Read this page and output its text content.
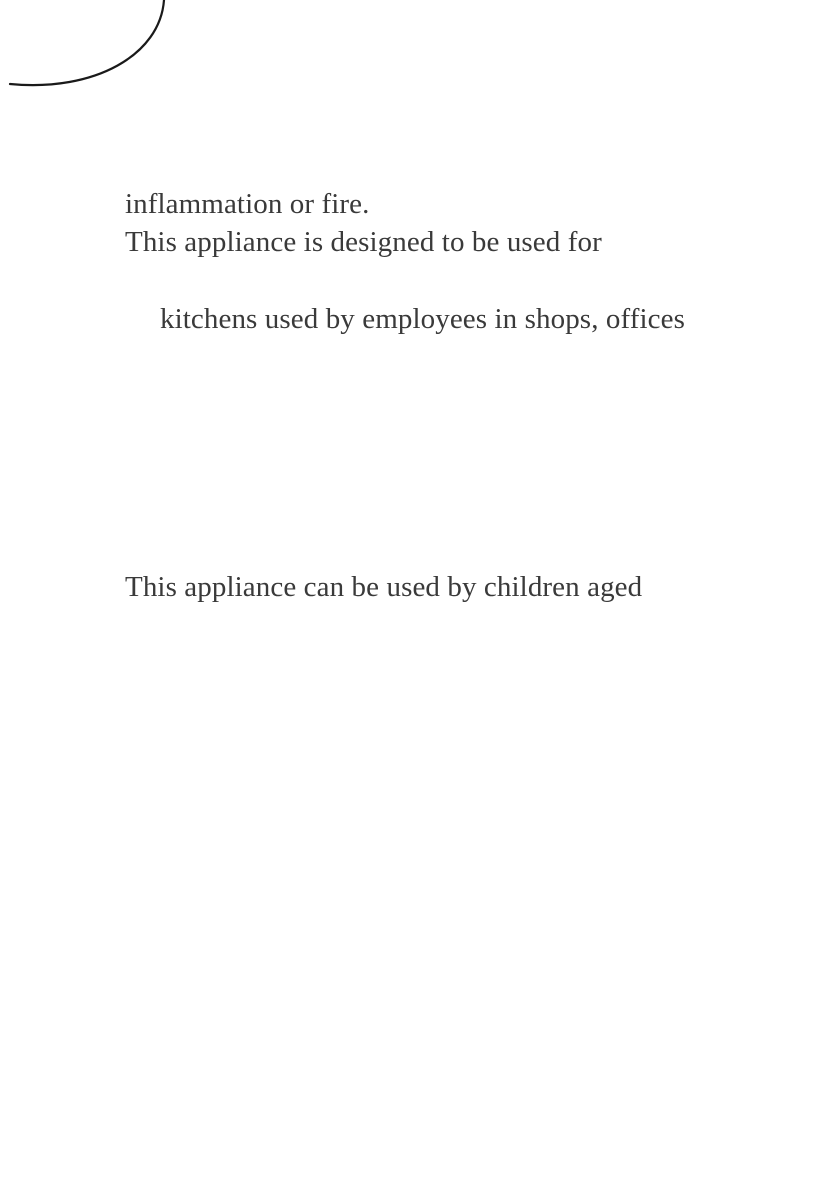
inflammation or fire.
This appliance is designed to be used for
kitchens used by employees in shops, offices
This appliance can be used by children aged
